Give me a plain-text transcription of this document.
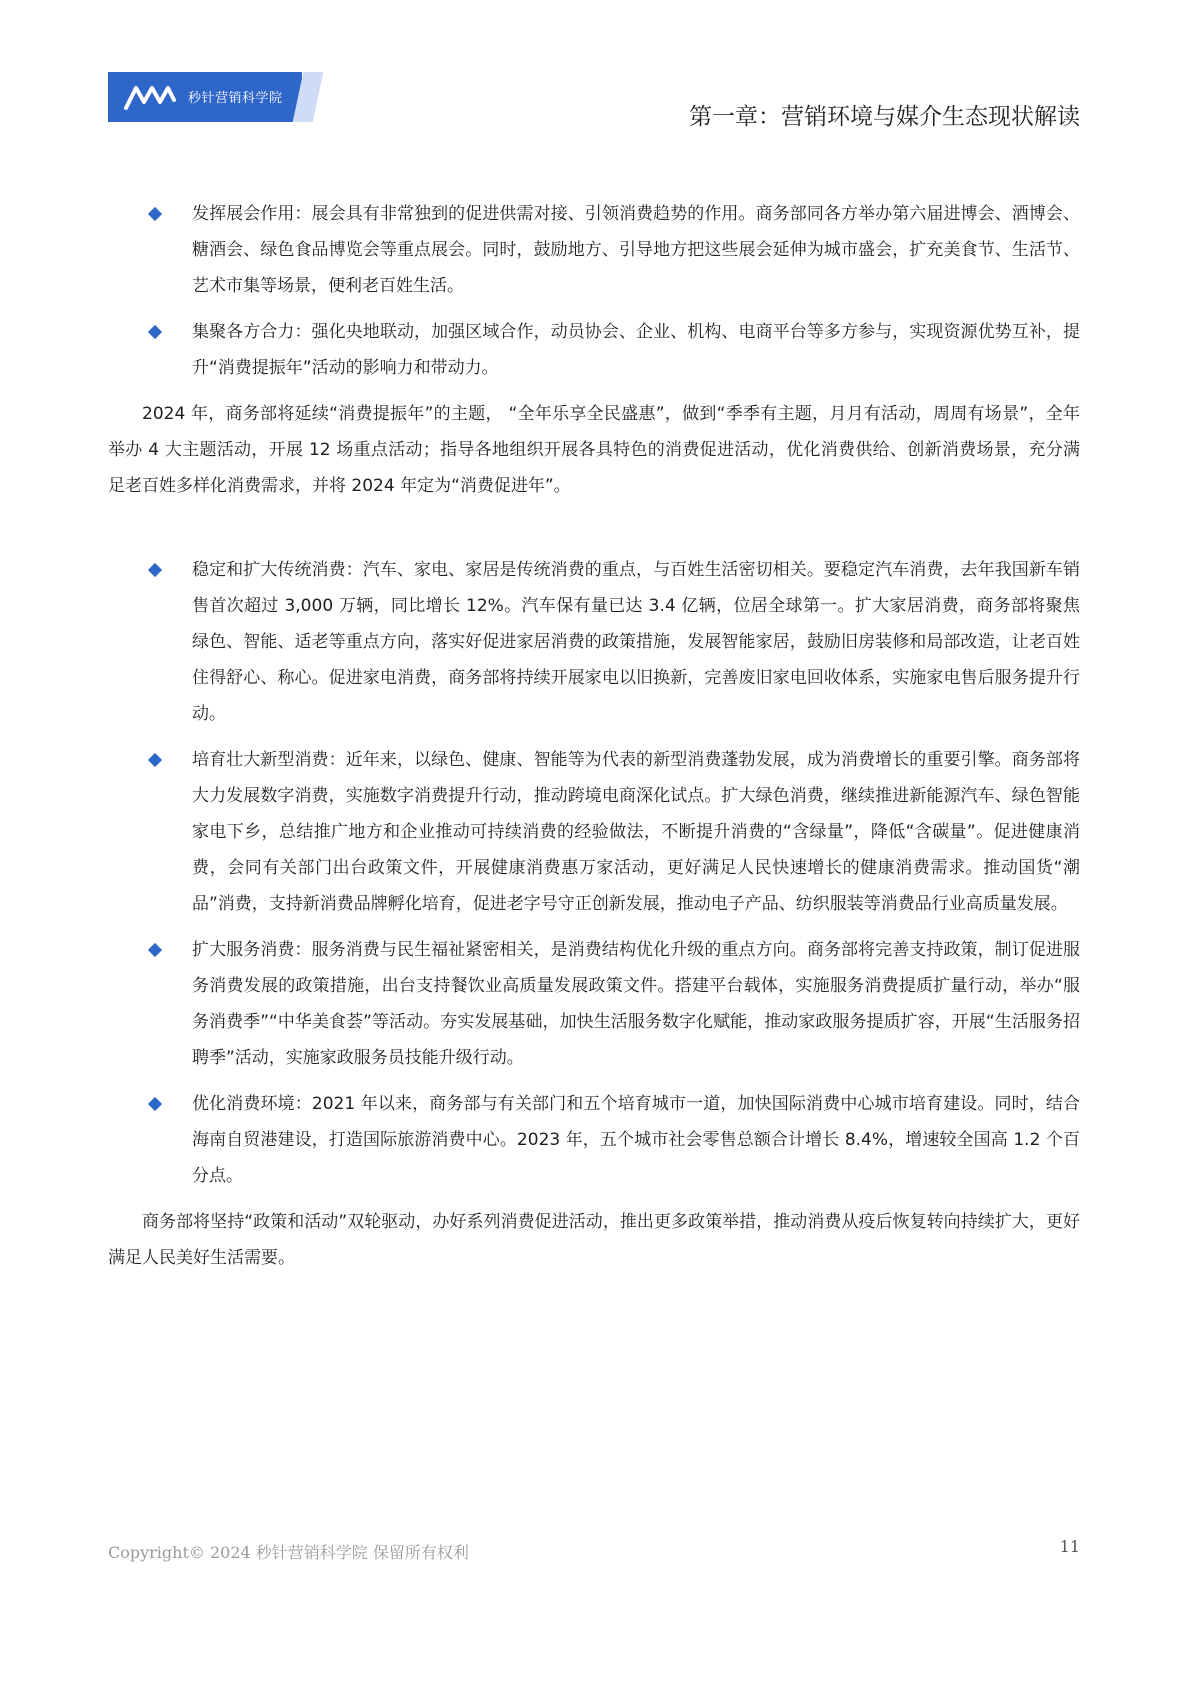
秒针营销科学院
第一章：营销环境与媒介生态现状解读
发挥展会作用：展会具有非常独到的促进供需对接、引领消费趋势的作用。商务部同各方举办第六届进博会、酒博会、糖酒会、绿色食品博览会等重点展会。同时，鼓励地方、引导地方把这些展会延伸为城市盛会，扩充美食节、生活节、艺术市集等场景，便利老百姓生活。
集聚各方合力：强化央地联动，加强区域合作，动员协会、企业、机构、电商平台等多方参与，实现资源优势互补，提升“消费提振年”活动的影响力和带动力。
2024 年，商务部将延续“消费提振年”的主题， “全年乐享全民盛惠”，做到“季季有主题，月月有活动，周周有场景”，全年举办 4 大主题活动，开展 12 场重点活动；指导各地组织开展各具特色的消费促进活动，优化消费供给、创新消费场景，充分满足老百姓多样化消费需求，并将 2024 年定为“消费促进年”。
稳定和扩大传统消费：汽车、家电、家居是传统消费的重点，与百姓生活密切相关。要稳定汽车消费，去年我国新车销售首次超过 3,000 万辆，同比增长 12%。汽车保有量已达 3.4 亿辆，位居全球第一。扩大家居消费，商务部将聚焦绿色、智能、适老等重点方向，落实好促进家居消费的政策措施，发展智能家居，鼓励旧房装修和局部改造，让老百姓住得舒心、称心。促进家电消费，商务部将持续开展家电以旧换新，完善废旧家电回收体系，实施家电售后服务提升行动。
培育壮大新型消费：近年来，以绿色、健康、智能等为代表的新型消费蓬勃发展，成为消费增长的重要引擎。商务部将大力发展数字消费，实施数字消费提升行动，推动跨境电商深化试点。扩大绿色消费，继续推进新能源汽车、绿色智能家电下乡，总结推广地方和企业推动可持续消费的经验做法，不断提升消费的“含绿量”，降低“含碳量”。促进健康消费，会同有关部门出台政策文件，开展健康消费惠万家活动，更好满足人民快速增长的健康消费需求。推动国货“潮品”消费，支持新消费品牌孵化培育，促进老字号守正创新发展，推动电子产品、纺织服装等消费品行业高质量发展。
扩大服务消费：服务消费与民生福祉紧密相关，是消费结构优化升级的重点方向。商务部将完善支持政策，制订促进服务消费发展的政策措施，出台支持餐饮业高质量发展政策文件。搭建平台载体，实施服务消费提质扩量行动，举办“服务消费季”“中华美食荟”等活动。夯实发展基础，加快生活服务数字化赋能，推动家政服务提质扩容，开展“生活服务招聘季”活动，实施家政服务员技能升级行动。
优化消费环境：2021 年以来，商务部与有关部门和五个培育城市一道，加快国际消费中心城市培育建设。同时，结合海南自贸港建设，打造国际旅游消费中心。2023 年，五个城市社会零售总额合计增长 8.4%，增速较全国高 1.2 个百分点。
商务部将坚持“政策和活动”双轮驱动，办好系列消费促进活动，推出更多政策举措，推动消费从疫后恢复转向持续扩大，更好满足人民美好生活需要。
Copyright© 2024 秒针营销科学院 保留所有权利	11
